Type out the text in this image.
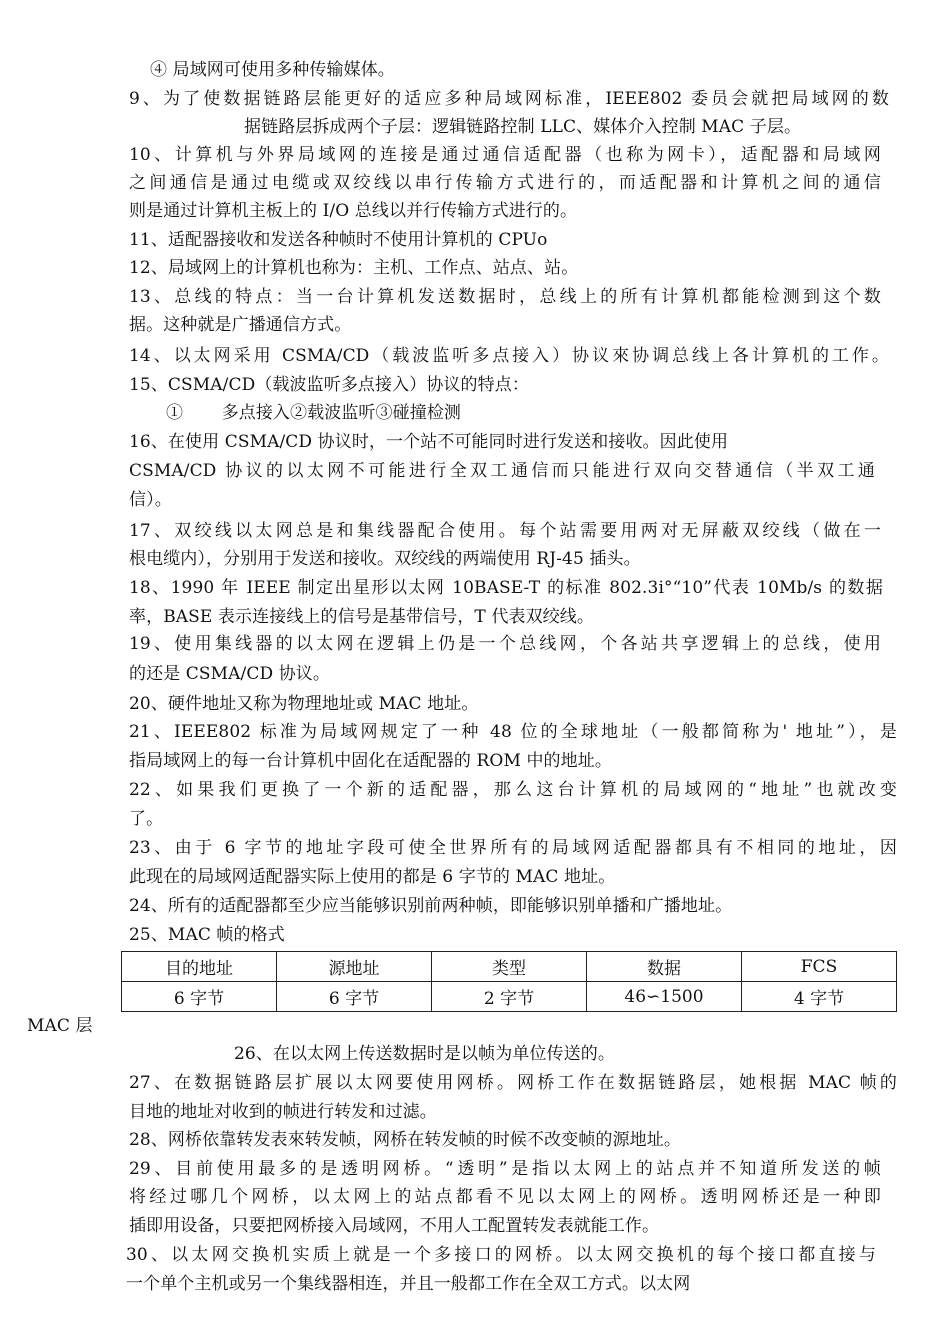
④ 局域网可使用多种传输媒体。
9、为了使数据链路层能更好的适应多种局域网标准，IEEE802 委员会就把局域网的数
据链路层拆成两个子层：逻辑链路控制 LLC、媒体介入控制 MAC 子层。
10、计算机与外界局域网的连接是通过通信适配器（也称为网卡），适配器和局域网
之间通信是通过电缆或双绞线以串行传输方式进行的，而适配器和计算机之间的通信
则是通过计算机主板上的 I/O 总线以并行传输方式进行的。
11、适配器接收和发送各种帧时不使用计算机的 CPUo
12、局域网上的计算机也称为：主机、工作点、站点、站。
13、总线的特点：当一台计算机发送数据时，总线上的所有计算机都能检测到这个数
据。这种就是广播通信方式。
14、以太网采用 CSMA/CD（载波监听多点接入）协议來协调总线上各计算机的工作。
15、CSMA/CD（载波监听多点接入）协议的特点：
①       多点接入②载波监听③碰撞检测
16、在使用 CSMA/CD 协议时，一个站不可能同时进行发送和接收。因此使用
CSMA/CD 协议的以太网不可能进行全双工通信而只能进行双向交替通信（半双工通
信）。
17、双绞线以太网总是和集线器配合使用。每个站需要用两对无屏蔽双绞线（做在一
根电缆内），分别用于发送和接收。双绞线的两端使用 RJ-45 插头。
18、1990 年 IEEE 制定出星形以太网 10BASE-T 的标准 802.3i°“10”代表 10Mb/s 的数据
率，BASE 表示连接线上的信号是基带信号，T 代表双绞线。
19、使用集线器的以太网在逻辑上仍是一个总线网，个各站共享逻辑上的总线，使用
的还是 CSMA/CD 协议。
20、硬件地址又称为物理地址或 MAC 地址。
21、IEEE802 标准为局域网规定了一种 48 位的全球地址（一般都简称为' 地址”），是
指局域网上的每一台计算机中固化在适配器的 ROM 中的地址。
22、如果我们更换了一个新的适配器，那么这台计算机的局域网的“地址”也就改变
了。
23、由于 6 字节的地址字段可使全世界所有的局域网适配器都具有不相同的地址，因
此现在的局域网适配器实际上使用的都是 6 字节的 MAC 地址。
24、所有的适配器都至少应当能够识别前两种帧，即能够识别单播和广播地址。
25、MAC 帧的格式
目的地址	源地址	类型	数据	FCS
6 字节	6 字节	2 字节	46∽1500	4 字节
MAC 层
26、在以太网上传送数据时是以帧为单位传送的。
27、在数据链路层扩展以太网要使用网桥。网桥工作在数据链路层，她根据 MAC 帧的
目地的地址对收到的帧进行转发和过滤。
28、网桥依靠转发表來转发帧，网桥在转发帧的时候不改变帧的源地址。
29、目前使用最多的是透明网桥。“透明”是指以太网上的站点并不知道所发送的帧
将经过哪几个网桥，以太网上的站点都看不见以太网上的网桥。透明网桥还是一种即
插即用设备，只要把网桥接入局域网，不用人工配置转发表就能工作。
30、以太网交换机实质上就是一个多接口的网桥。以太网交换机的每个接口都直接与
一个单个主机或另一个集线器相连，并且一般都工作在全双工方式。以太网
